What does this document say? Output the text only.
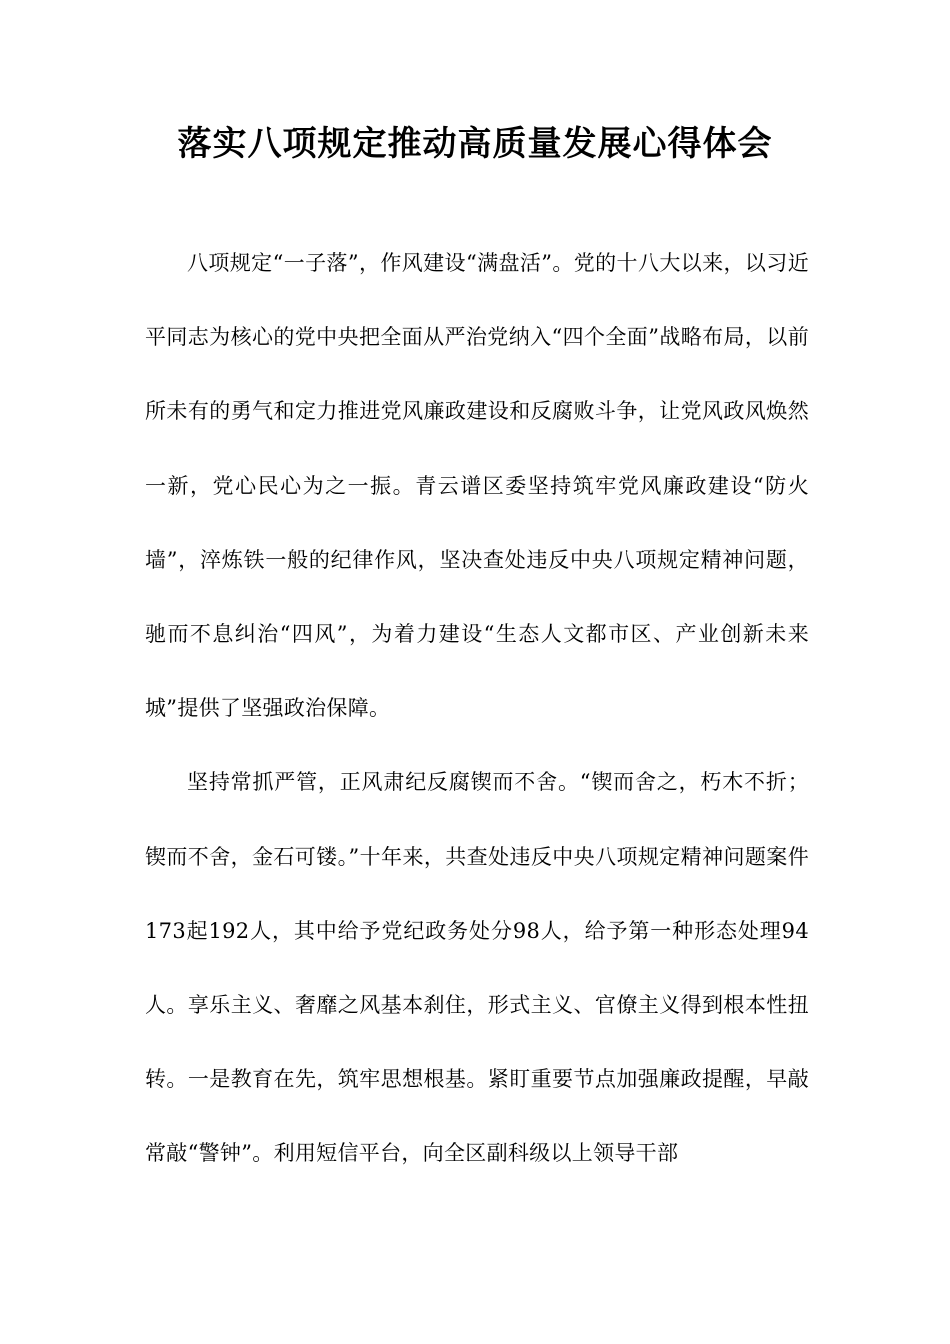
落实八项规定推动高质量发展心得体会

八项规定“一子落”，作风建设“满盘活”。党的十八大以来，以习近平同志为核心的党中央把全面从严治党纳入“四个全面”战略布局，以前所未有的勇气和定力推进党风廉政建设和反腐败斗争，让党风政风焕然一新，党心民心为之一振。青云谱区委坚持筑牢党风廉政建设“防火墙”，淬炼铁一般的纪律作风，坚决查处违反中央八项规定精神问题，驰而不息纠治“四风”，为着力建设“生态人文都市区、产业创新未来城”提供了坚强政治保障。

坚持常抓严管，正风肃纪反腐锲而不舍。“锲而舍之，朽木不折；锲而不舍，金石可镂。”十年来，共查处违反中央八项规定精神问题案件173起192人，其中给予党纪政务处分98人，给予第一种形态处理94人。享乐主义、奢靡之风基本刹住，形式主义、官僚主义得到根本性扭转。一是教育在先，筑牢思想根基。紧盯重要节点加强廉政提醒，早敲常敲“警钟”。利用短信平台，向全区副科级以上领导干部
